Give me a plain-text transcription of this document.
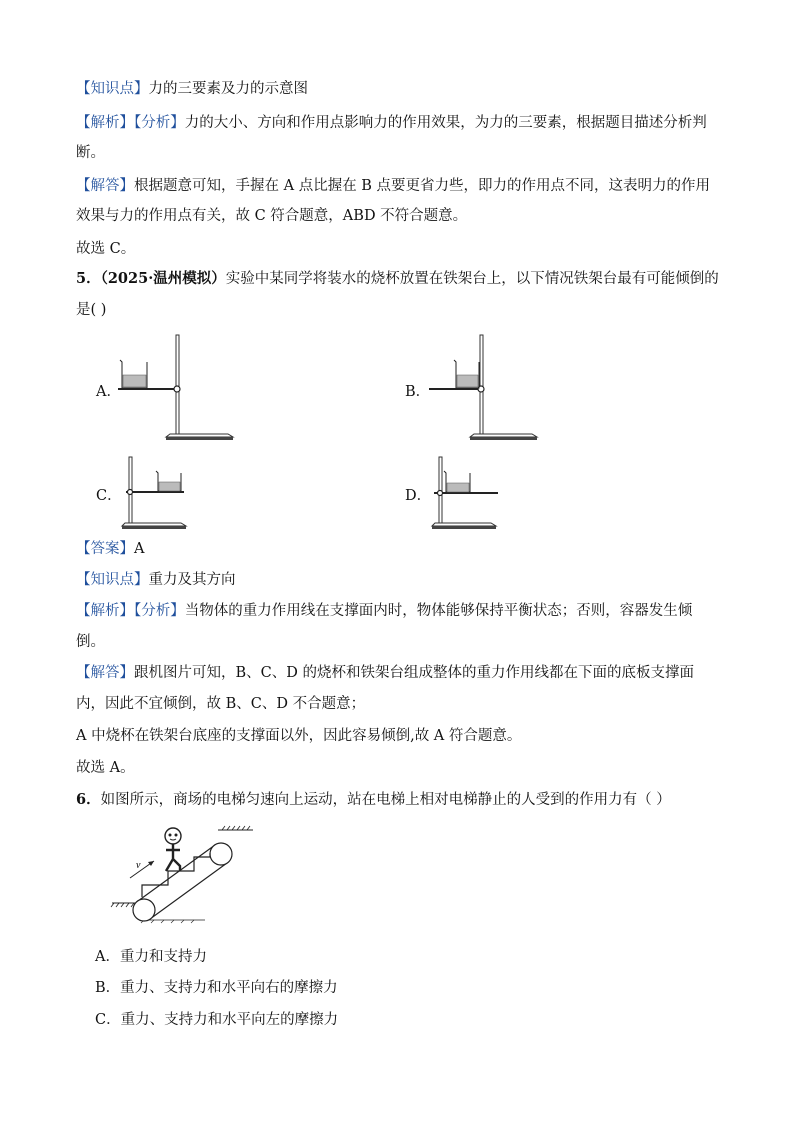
【知识点】力的三要素及力的示意图
【解析】【分析】力的大小、方向和作用点影响力的作用效果，为力的三要素，根据题目描述分析判
断。
【解答】根据题意可知，手握在 A 点比握在 B 点要更省力些，即力的作用点不同，这表明力的作用
效果与力的作用点有关，故 C 符合题意，ABD 不符合题意。
故选 C。
5．（2025·温州模拟）实验中某同学将装水的烧杯放置在铁架台上，以下情况铁架台最有可能倾倒的
是( )
A．	B．
C．	D．
【答案】A
【知识点】重力及其方向
【解析】【分析】当物体的重力作用线在支撑面内时，物体能够保持平衡状态；否则，容器发生倾
倒。
【解答】跟机图片可知，B、C、D 的烧杯和铁架台组成整体的重力作用线都在下面的底板支撑面
内，因此不宜倾倒，故 B、C、D 不合题意；
A 中烧杯在铁架台底座的支撑面以外，因此容易倾倒,故 A 符合题意。
故选 A。
6．如图所示，商场的电梯匀速向上运动，站在电梯上相对电梯静止的人受到的作用力有（ ）
v
A．重力和支持力
B．重力、支持力和水平向右的摩擦力
C．重力、支持力和水平向左的摩擦力
